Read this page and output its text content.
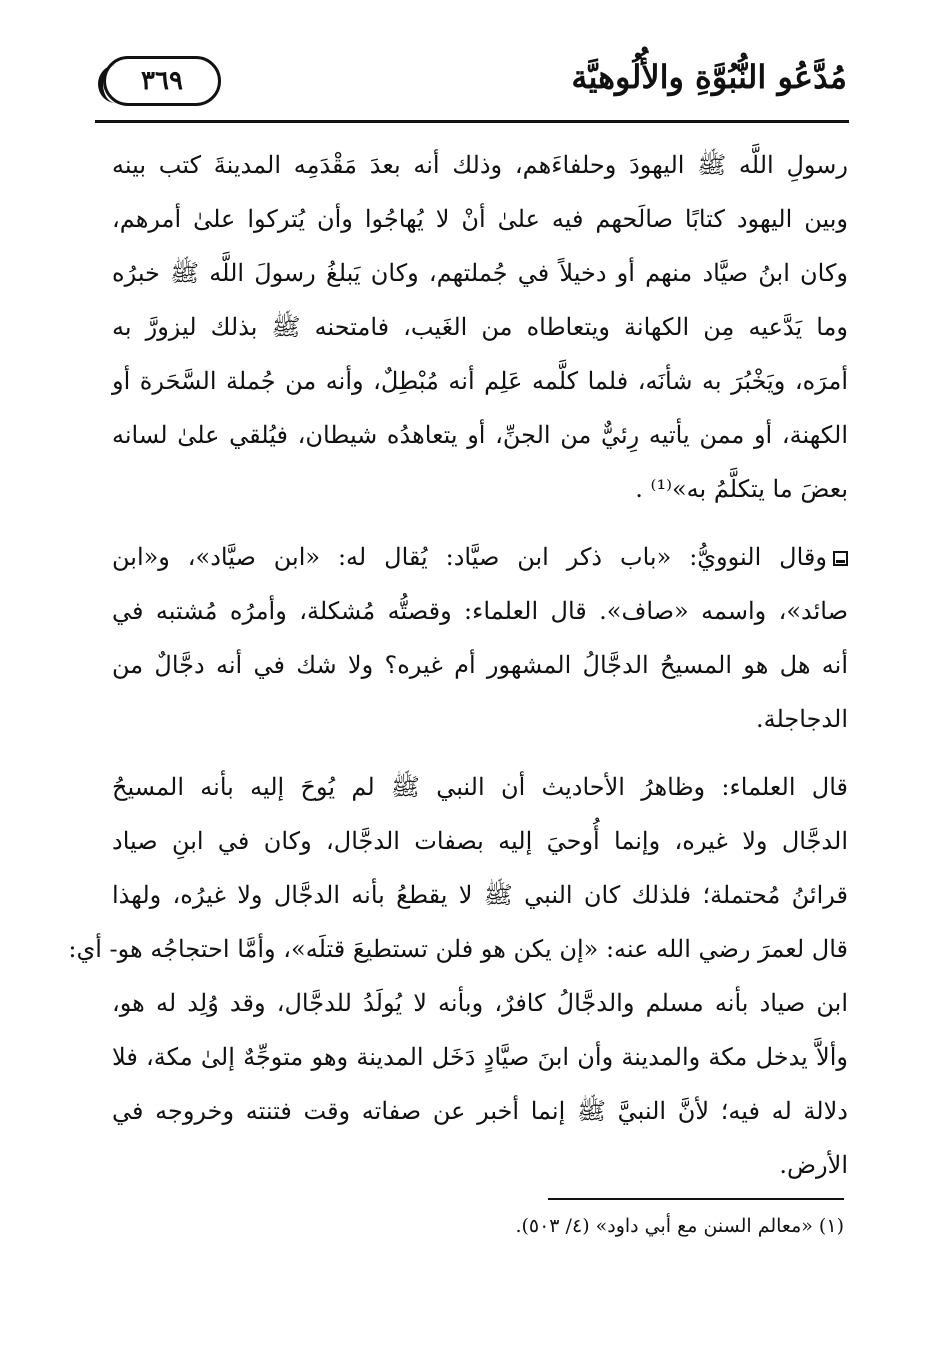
مُدَّعُو النُّبُوَّةِ والأُلُوهيَّة
٣٦٩
رسولِ اللَّه ﷺ اليهودَ وحلفاءَهم، وذلك أنه بعدَ مَقْدَمِه المدينةَ كتب بينه
وبين اليهود كتابًا صالَحهم فيه علىٰ أنْ لا يُهاجُوا وأن يُتركوا علىٰ أمرهم،
وكان ابنُ صيَّاد منهم أو دخيلاً في جُملتهم، وكان يَبلغُ رسولَ اللَّه ﷺ خبرُه
وما يَدَّعيه مِن الكهانة ويتعاطاه من الغَيب، فامتحنه ﷺ بذلك ليزورَّ به
أمرَه، ويَخْبُرَ به شأنَه، فلما كلَّمه عَلِم أنه مُبْطِلٌ، وأنه من جُملة السَّحَرة أو
الكهنة، أو ممن يأتيه رِئيٌّ من الجنِّ، أو يتعاهدُه شيطان، فيُلقي علىٰ لسانه
بعضَ ما يتكلَّمُ به»⁽¹⁾ .
وقال النوويُّ: «باب ذكر ابن صيَّاد: يُقال له: «ابن صيَّاد»، و«ابن
صائد»، واسمه «صاف». قال العلماء: وقصتُّه مُشكلة، وأمرُه مُشتبه في
أنه هل هو المسيحُ الدجَّالُ المشهور أم غيره؟ ولا شك في أنه دجَّالٌ من
الدجاجلة.
قال العلماء: وظاهرُ الأحاديث أن النبي ﷺ لم يُوحَ إليه بأنه المسيحُ
الدجَّال ولا غيره، وإنما أُوحيَ إليه بصفات الدجَّال، وكان في ابنِ صياد
قرائنُ مُحتملة؛ فلذلك كان النبي ﷺ لا يقطعُ بأنه الدجَّال ولا غيرُه، ولهذا
قال لعمرَ رضي الله عنه: «إن يكن هو فلن تستطيعَ قتلَه»، وأمَّا احتجاجُه هو- أي:
ابن صياد بأنه مسلم والدجَّالُ كافرٌ، وبأنه لا يُولَدُ للدجَّال، وقد وُلِد له هو،
وألاَّ يدخل مكة والمدينة وأن ابنَ صيَّادٍ دَخَل المدينة وهو متوجِّهٌ إلىٰ مكة، فلا
دلالة له فيه؛ لأنَّ النبيَّ ﷺ إنما أخبر عن صفاته وقت فتنته وخروجه في
الأرض.
(١) «معالم السنن مع أبي داود» (٤/ ٥٠٣).
